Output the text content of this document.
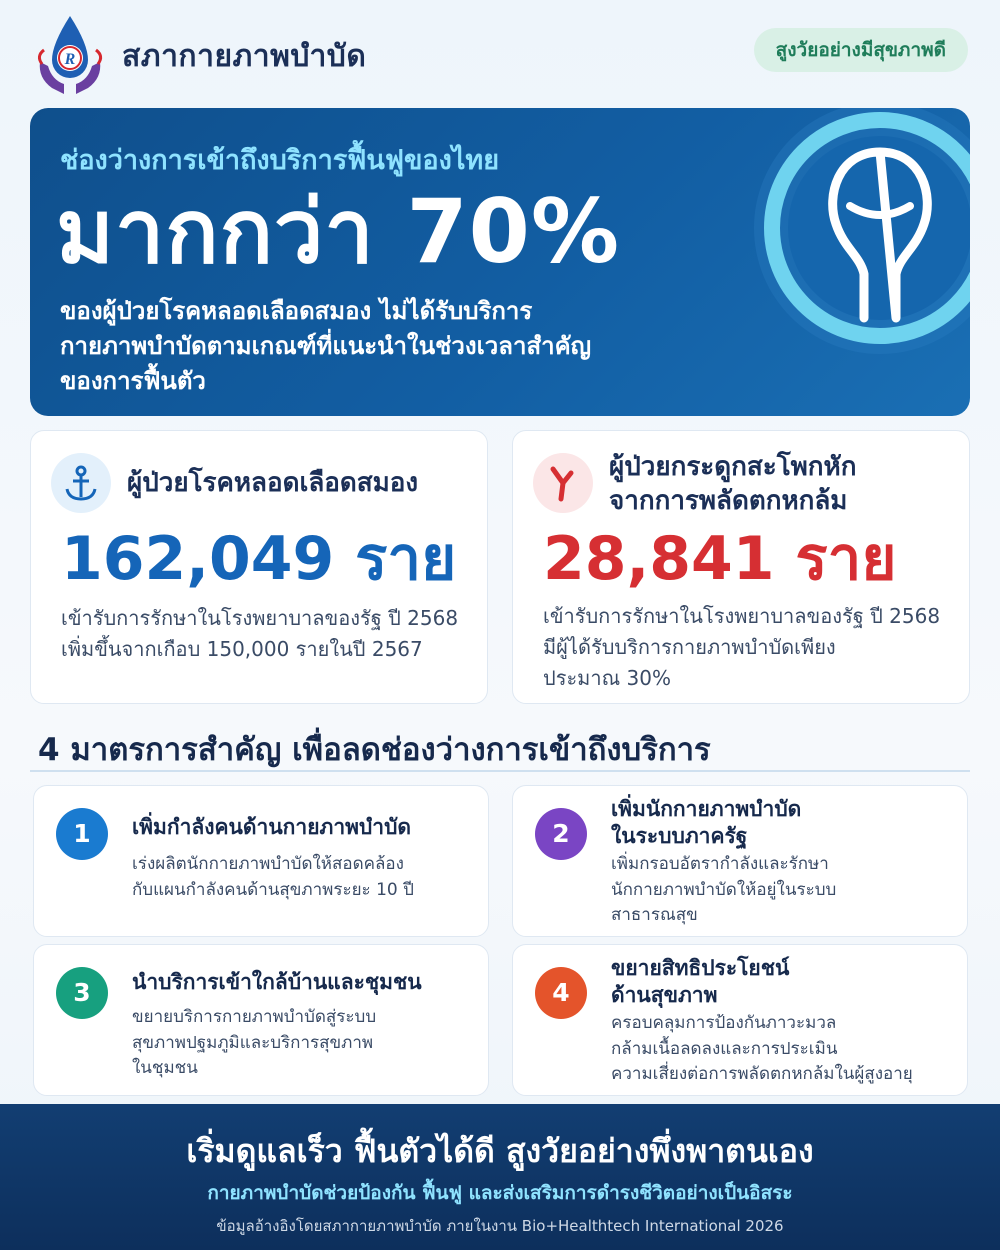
R สภากายภาพบำบัด	สูงวัยอย่างมีสุขภาพดี
ช่องว่างการเข้าถึงบริการฟื้นฟูของไทย
มากกว่า 70%
ของผู้ป่วยโรคหลอดเลือดสมอง ไม่ได้รับบริการ
กายภาพบำบัดตามเกณฑ์ที่แนะนำในช่วงเวลาสำคัญ
ของการฟื้นตัว
ผู้ป่วยโรคหลอดเลือดสมอง
162,049 ราย
เข้ารับการรักษาในโรงพยาบาลของรัฐ ปี 2568
เพิ่มขึ้นจากเกือบ 150,000 รายในปี 2567
ผู้ป่วยกระดูกสะโพกหัก
จากการพลัดตกหกล้ม
28,841 ราย
เข้ารับการรักษาในโรงพยาบาลของรัฐ ปี 2568
มีผู้ได้รับบริการกายภาพบำบัดเพียง
ประมาณ 30%
4 มาตรการสำคัญ เพื่อลดช่องว่างการเข้าถึงบริการ
1	เพิ่มกำลังคนด้านกายภาพบำบัด
เร่งผลิตนักกายภาพบำบัดให้สอดคล้อง
กับแผนกำลังคนด้านสุขภาพระยะ 10 ปี
2
เพิ่มนักกายภาพบำบัด
ในระบบภาครัฐ
เพิ่มกรอบอัตรากำลังและรักษา
นักกายภาพบำบัดให้อยู่ในระบบ
สาธารณสุข
3	นำบริการเข้าใกล้บ้านและชุมชน
ขยายบริการกายภาพบำบัดสู่ระบบ
สุขภาพปฐมภูมิและบริการสุขภาพ
ในชุมชน
4
ขยายสิทธิประโยชน์
ด้านสุขภาพ
ครอบคลุมการป้องกันภาวะมวล
กล้ามเนื้อลดลงและการประเมิน
ความเสี่ยงต่อการพลัดตกหกล้มในผู้สูงอายุ
เริ่มดูแลเร็ว ฟื้นตัวได้ดี สูงวัยอย่างพึ่งพาตนเอง
กายภาพบำบัดช่วยป้องกัน ฟื้นฟู และส่งเสริมการดำรงชีวิตอย่างเป็นอิสระ
ข้อมูลอ้างอิงโดยสภากายภาพบำบัด ภายในงาน Bio+Healthtech International 2026
